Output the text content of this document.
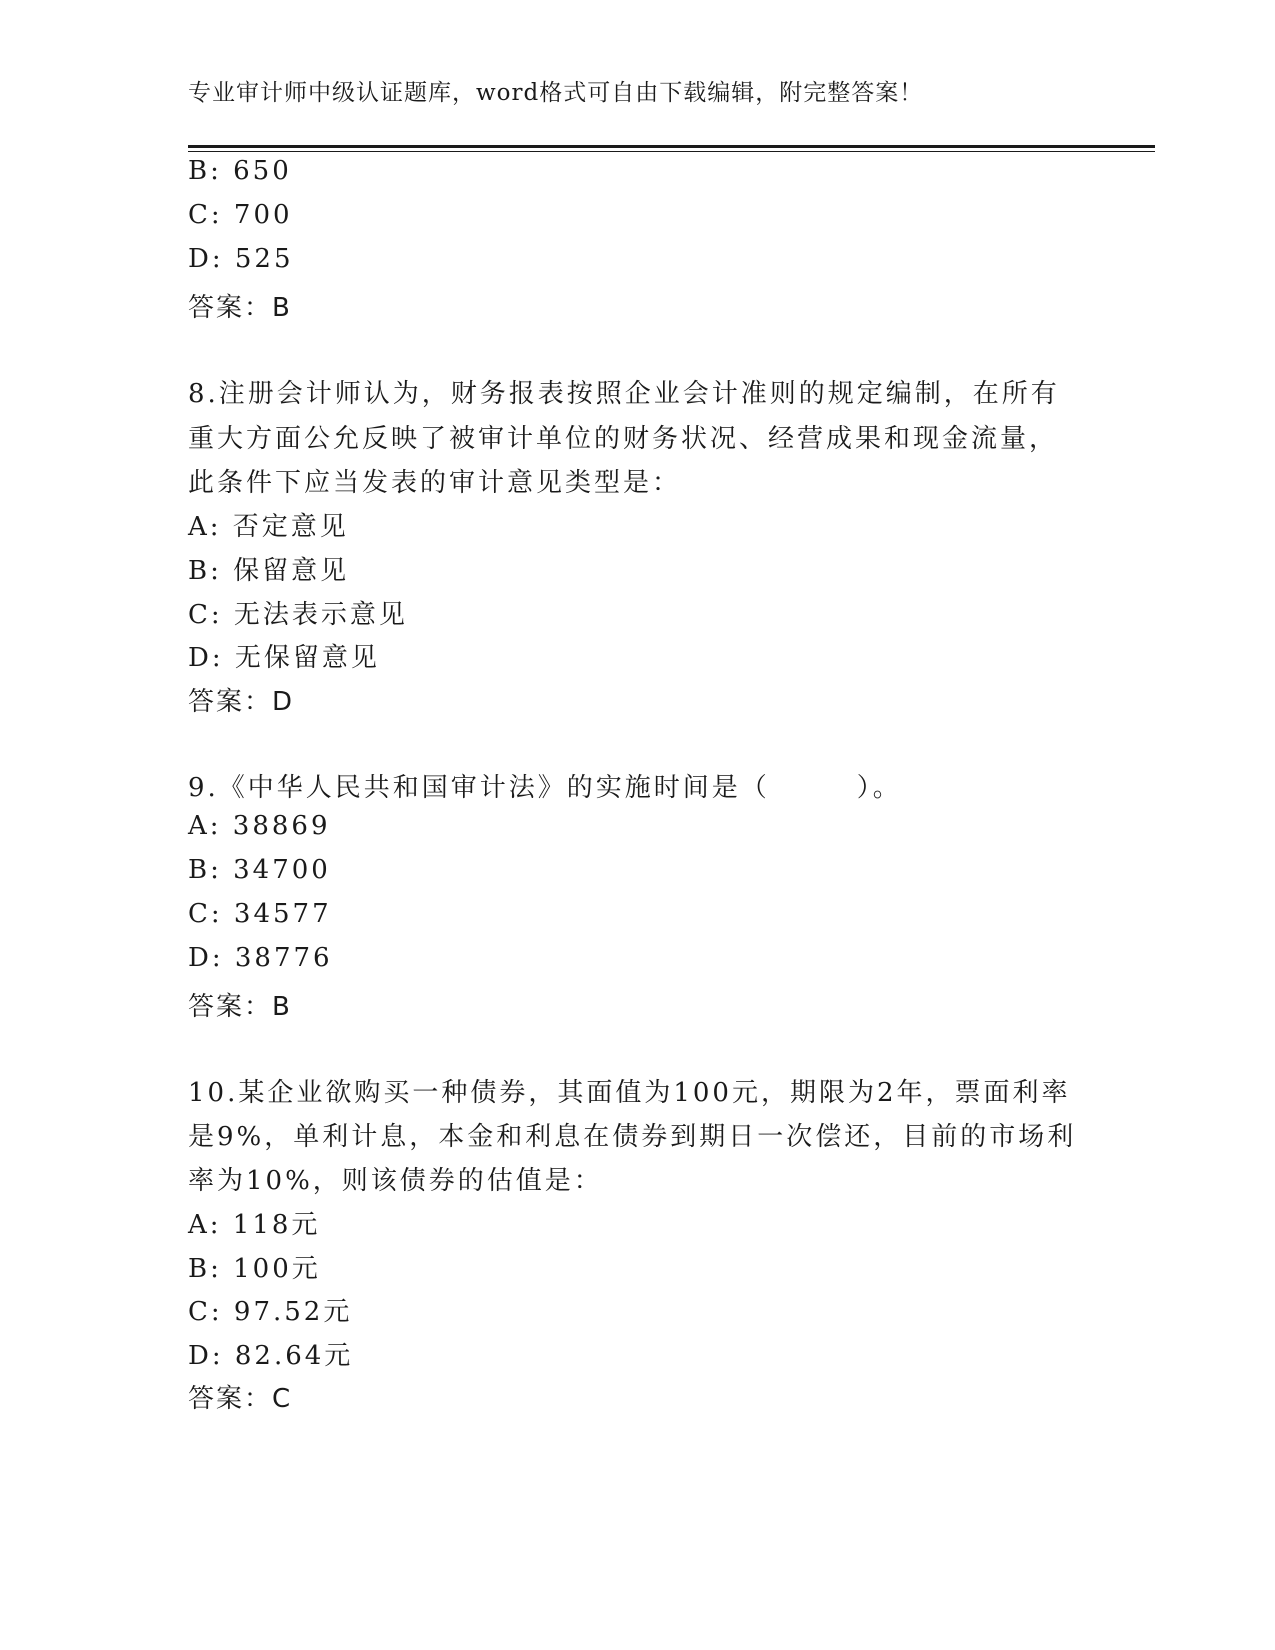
专业审计师中级认证题库，word格式可自由下载编辑，附完整答案！
B: 650
C: 700
D: 525
答案：B
8.注册会计师认为，财务报表按照企业会计准则的规定编制，在所有
重大方面公允反映了被审计单位的财务状况、经营成果和现金流量，
此条件下应当发表的审计意见类型是：
A: 否定意见
B: 保留意见
C: 无法表示意见
D: 无保留意见
答案：D
9.《中华人民共和国审计法》的实施时间是（　　　）。
A: 38869
B: 34700
C: 34577
D: 38776
答案：B
10.某企业欲购买一种债券，其面值为100元，期限为2年，票面利率
是9%，单利计息，本金和利息在债券到期日一次偿还，目前的市场利
率为10%，则该债券的估值是：
A: 118元
B: 100元
C: 97.52元
D: 82.64元
答案：C
